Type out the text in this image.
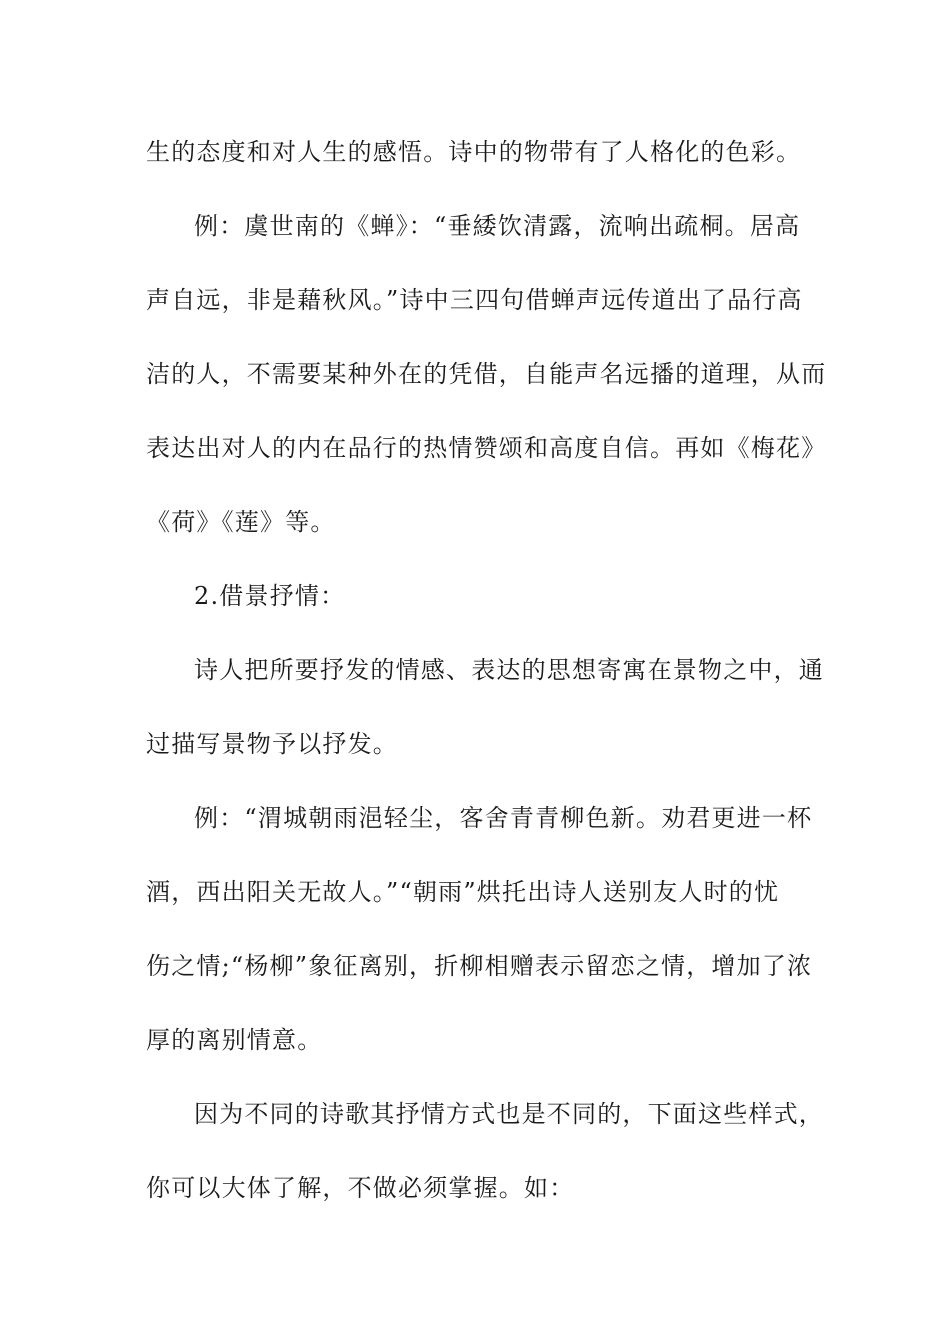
生的态度和对人生的感悟。诗中的物带有了人格化的色彩。
例：虞世南的《蝉》：“垂緌饮清露，流响出疏桐。居高
声自远，非是藉秋风。”诗中三四句借蝉声远传道出了品行高
洁的人，不需要某种外在的凭借，自能声名远播的道理，从而
表达出对人的内在品行的热情赞颂和高度自信。再如《梅花》
《荷》《莲》等。
2.借景抒情：
诗人把所要抒发的情感、表达的思想寄寓在景物之中，通
过描写景物予以抒发。
例：“渭城朝雨浥轻尘，客舍青青柳色新。劝君更进一杯
酒，西出阳关无故人。”“朝雨”烘托出诗人送别友人时的忧
伤之情;“杨柳”象征离别，折柳相赠表示留恋之情，增加了浓
厚的离别情意。
因为不同的诗歌其抒情方式也是不同的，下面这些样式，
你可以大体了解，不做必须掌握。如：
